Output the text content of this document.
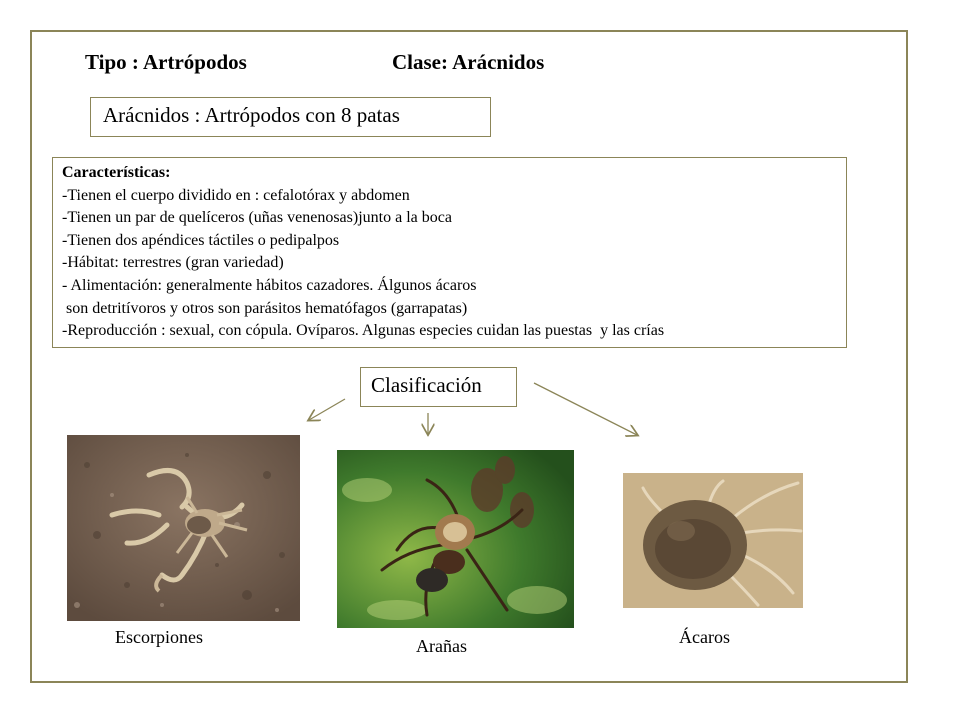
Tipo : Artrópodos	Clase: Arácnidos
Arácnidos : Artrópodos con 8 patas
Características:
-Tienen el cuerpo dividido en : cefalotórax y abdomen
-Tienen un par de quelíceros (uñas venenosas)junto a la boca
-Tienen dos apéndices táctiles o pedipalpos
-Hábitat: terrestres (gran variedad)
- Alimentación: generalmente hábitos cazadores. Álgunos ácaros
son detritívoros y otros son parásitos hematófagos (garrapatas)
-Reproducción : sexual, con cópula. Ovíparos. Algunas especies cuidan las puestas  y las crías
Clasificación
Escorpiones	Arañas	Ácaros
